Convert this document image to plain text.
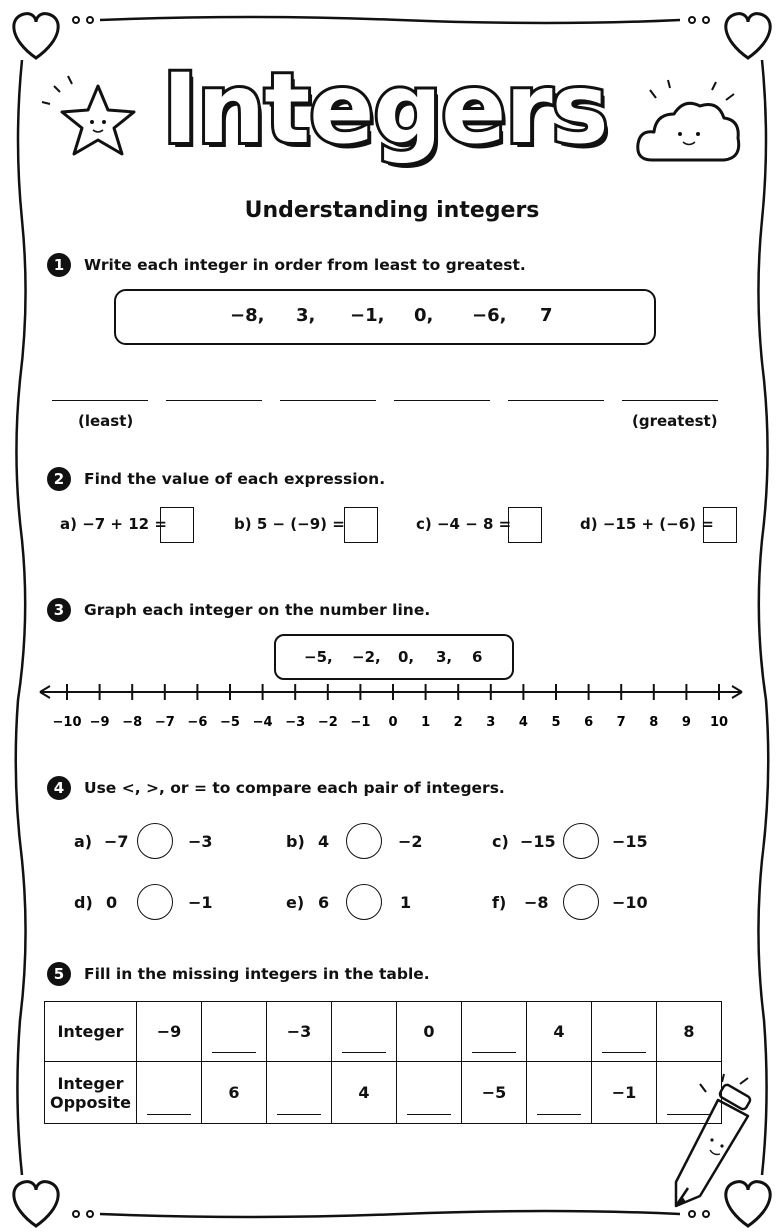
Integers
Understanding integers
1	Write each integer in order from least to greatest.
−8, 3, −1, 0, −6, 7
(least)	(greatest)
2	Find the value of each expression.
a) −7 + 12 =	b) 5 − (−9) =	c) −4 − 8 =	d) −15 + (−6) =
3	Graph each integer on the number line.
−5, −2, 0, 3, 6
−10 −9 −8 −7 −6 −5 −4 −3 −2 −1 0 1 2 3 4 5 6 7 8 9 10
4	Use <, >, or = to compare each pair of integers.
a) −7	−3	b) 4	−2	c) −15	−15
d) 0	−1	e) 6	1	f) −8	−10
5	Fill in the missing integers in the table.
Integer	−9		−3		0		4		8

Integer
Opposite		6		4		−5		−1	
